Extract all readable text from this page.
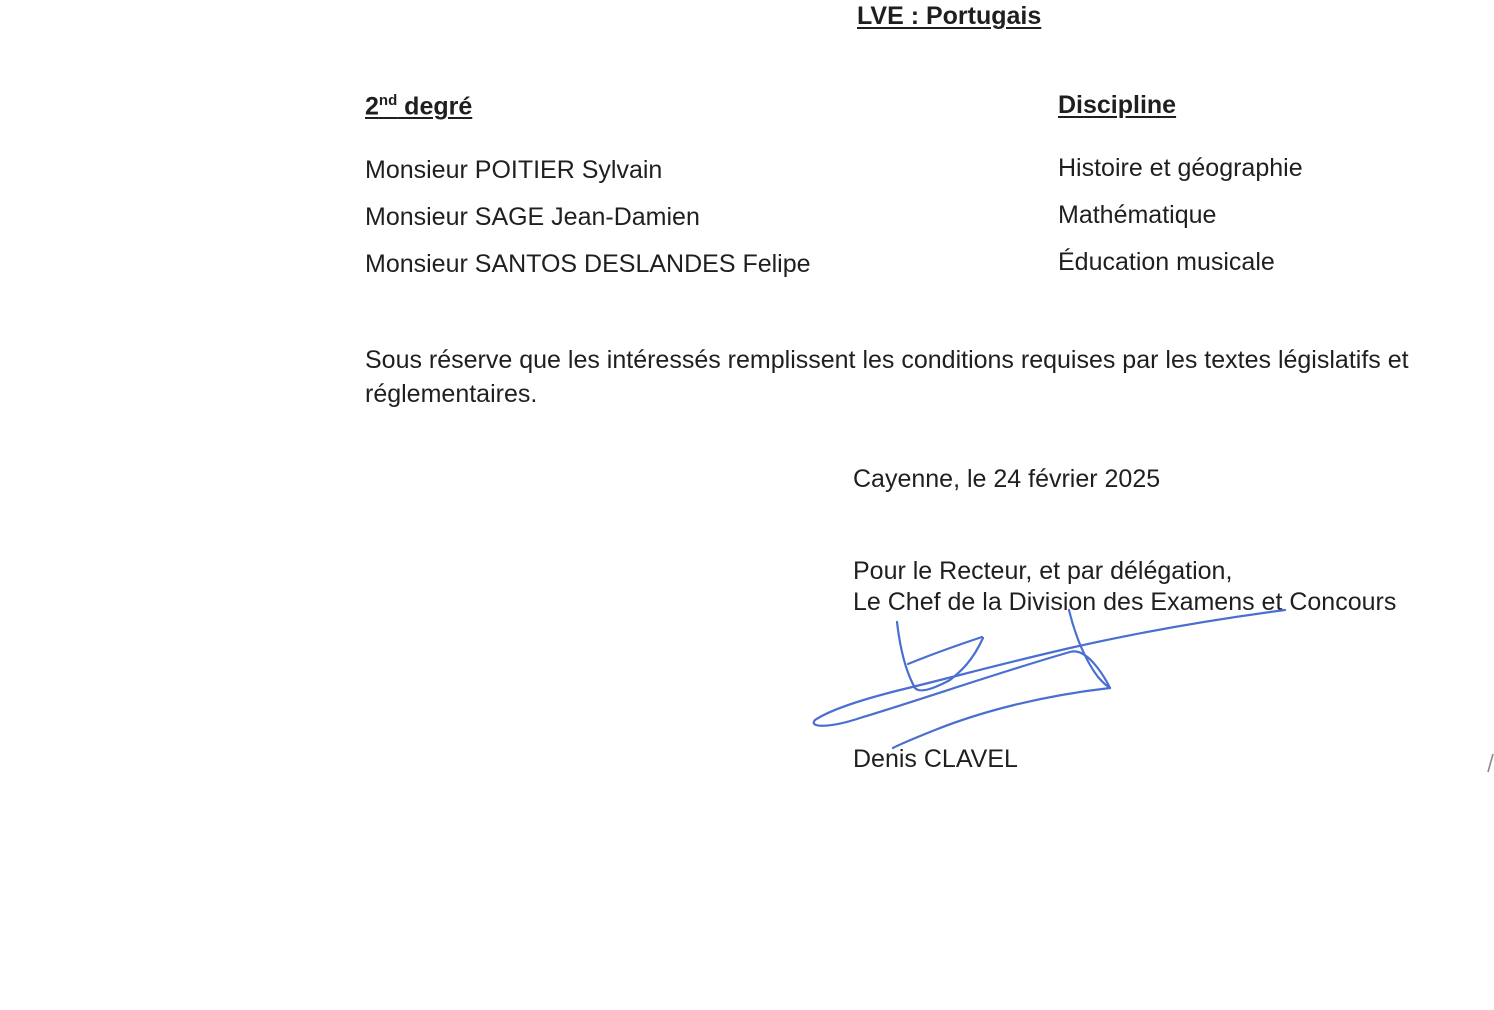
LVE : Portugais
2nd degré	Discipline
Monsieur POITIER Sylvain	Histoire et géographie
Monsieur SAGE Jean-Damien	Mathématique
Monsieur SANTOS DESLANDES Felipe	Éducation musicale
Sous réserve que les intéressés remplissent les conditions requises par les textes législatifs et réglementaires.
Cayenne, le 24 février 2025
Pour le Recteur, et par délégation,
Le Chef de la Division des Examens et Concours
Denis CLAVEL
